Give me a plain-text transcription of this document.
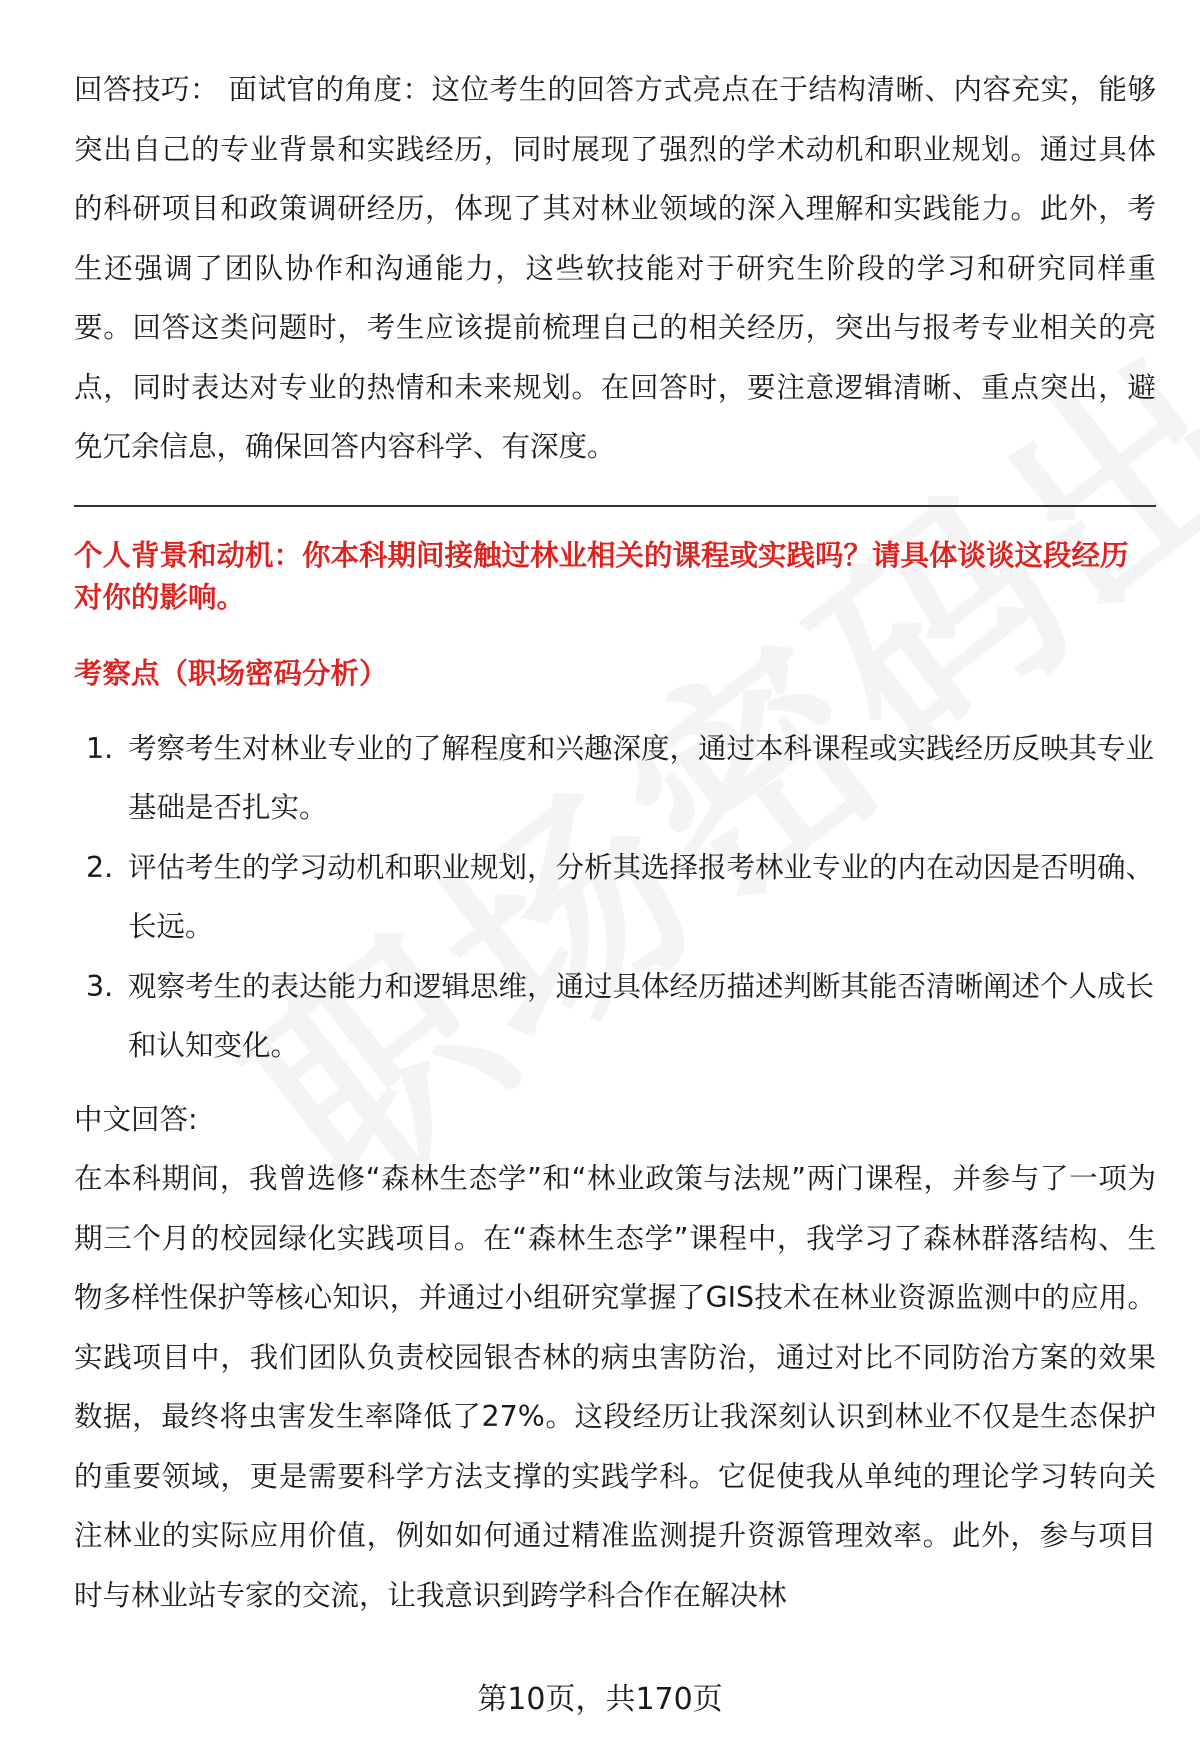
回答技巧： 面试官的角度：这位考生的回答方式亮点在于结构清晰、内容充实，能够突出自己的专业背景和实践经历，同时展现了强烈的学术动机和职业规划。通过具体的科研项目和政策调研经历，体现了其对林业领域的深入理解和实践能力。此外，考生还强调了团队协作和沟通能力，这些软技能对于研究生阶段的学习和研究同样重要。回答这类问题时，考生应该提前梳理自己的相关经历，突出与报考专业相关的亮点，同时表达对专业的热情和未来规划。在回答时，要注意逻辑清晰、重点突出，避免冗余信息，确保回答内容科学、有深度。

个人背景和动机：你本科期间接触过林业相关的课程或实践吗？请具体谈谈这段经历对你的影响。

考察点（职场密码分析）

1. 考察考生对林业专业的了解程度和兴趣深度，通过本科课程或实践经历反映其专业基础是否扎实。
2. 评估考生的学习动机和职业规划，分析其选择报考林业专业的内在动因是否明确、长远。
3. 观察考生的表达能力和逻辑思维，通过具体经历描述判断其能否清晰阐述个人成长和认知变化。

中文回答:

在本科期间，我曾选修“森林生态学”和“林业政策与法规”两门课程，并参与了一项为期三个月的校园绿化实践项目。在“森林生态学”课程中，我学习了森林群落结构、生物多样性保护等核心知识，并通过小组研究掌握了GIS技术在林业资源监测中的应用。实践项目中，我们团队负责校园银杏林的病虫害防治，通过对比不同防治方案的效果数据，最终将虫害发生率降低了27%。这段经历让我深刻认识到林业不仅是生态保护的重要领域，更是需要科学方法支撑的实践学科。它促使我从单纯的理论学习转向关注林业的实际应用价值，例如如何通过精准监测提升资源管理效率。此外，参与项目时与林业站专家的交流，让我意识到跨学科合作在解决林

第10页，共170页
